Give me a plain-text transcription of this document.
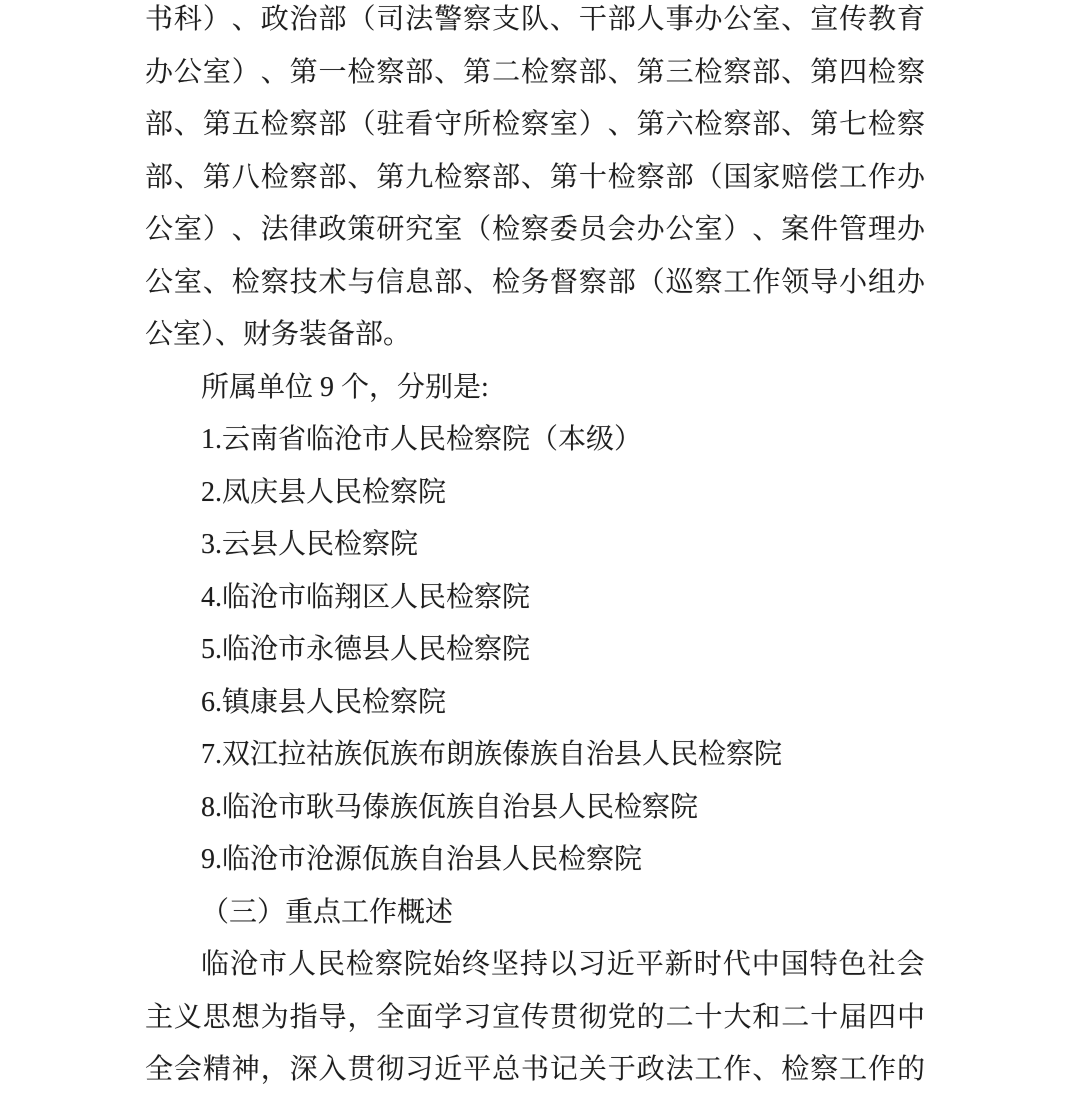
书 科 ） 、 政 治 部 （ 司 法 警 察 支 队 、 干 部 人 事 办 公 室 、 宣 传 教 育
办 公 室 ） 、 第 一 检 察 部 、 第 二 检 察 部 、 第 三 检 察 部 、 第 四 检 察
部 、 第 五 检 察 部 （ 驻 看 守 所 检 察 室 ） 、 第 六 检 察 部 、 第 七 检 察
部 、 第 八 检 察 部 、 第 九 检 察 部 、 第 十 检 察 部 （ 国 家 赔 偿 工 作 办
公 室 ） 、 法 律 政 策 研 究 室 （ 检 察 委 员 会 办 公 室 ） 、 案 件 管 理 办
公 室 、 检 察 技 术 与 信 息 部 、 检 务 督 察 部 （ 巡 察 工 作 领 导 小 组 办
公室）、财务装备部。
所属单位 9 个，分别是:
1.云南省临沧市人民检察院（本级）
2.凤庆县人民检察院
3.云县人民检察院
4.临沧市临翔区人民检察院
5.临沧市永德县人民检察院
6.镇康县人民检察院
7.双江拉祜族佤族布朗族傣族自治县人民检察院
8.临沧市耿马傣族佤族自治县人民检察院
9.临沧市沧源佤族自治县人民检察院
（三）重点工作概述
临 沧 市 人 民 检 察 院 始 终 坚 持 以 习 近 平 新 时 代 中 国 特 色 社 会
主 义 思 想 为 指 导 ， 全 面 学 习 宣 传 贯 彻 党 的 二 十 大 和 二 十 届 四 中
全 会 精 神 ， 深 入 贯 彻 习 近 平 总 书 记 关 于 政 法 工 作 、 检 察 工 作 的
